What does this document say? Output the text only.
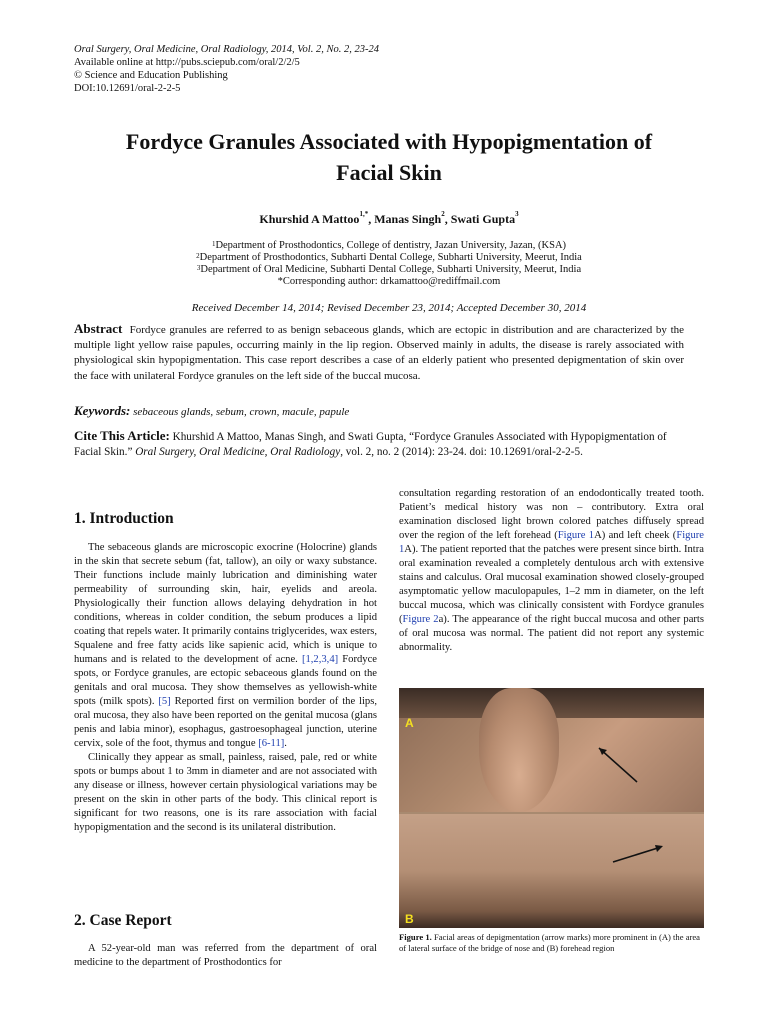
Oral Surgery, Oral Medicine, Oral Radiology, 2014, Vol. 2, No. 2, 23-24
Available online at http://pubs.sciepub.com/oral/2/2/5
© Science and Education Publishing
DOI:10.12691/oral-2-2-5
Fordyce Granules Associated with Hypopigmentation of
Facial Skin
Khurshid A Mattoo$^{1,*}$, Manas Singh$^2$, Swati Gupta$^3$
$^1$Department of Prosthodontics, College of dentistry, Jazan University, Jazan, (KSA)
$^2$Department of Prosthodontics, Subharti Dental College, Subharti University, Meerut, India
$^3$Department of Oral Medicine, Subharti Dental College, Subharti University, Meerut, India
*Corresponding author: drkamattoo@rediffmail.com
Received December 14, 2014; Revised December 23, 2014; Accepted December 30, 2014
Abstract Fordyce granules are referred to as benign sebaceous glands, which are ectopic in distribution and are characterized by the multiple light yellow raise papules, occurring mainly in the lip region. Observed mainly in adults, the disease is rarely associated with physiological skin hypopigmentation. This case report describes a case of an elderly patient who presented depigmentation of skin over the face with unilateral Fordyce granules on the left side of the buccal mucosa.
Keywords: sebaceous glands, sebum, crown, macule, papule
Cite This Article: Khurshid A Mattoo, Manas Singh, and Swati Gupta, “Fordyce Granules Associated with Hypopigmentation of Facial Skin.” Oral Surgery, Oral Medicine, Oral Radiology, vol. 2, no. 2 (2014): 23-24. doi: 10.12691/oral-2-2-5.
1. Introduction

The sebaceous glands are microscopic exocrine (Holocrine) glands in the skin that secrete sebum (fat, tallow), an oily or waxy substance. Their functions include mainly lubrication and diminishing water permeability of surrounding skin, hair, eyelids and areola. Physiologically their function allows delaying dehydration in hot conditions, whereas in colder condition, the sebum produces a lipid coating that repels water. It primarily contains triglycerides, wax esters, Squalene and free fatty acids like sapienic acid, which is unique to humans and is related to the development of acne. [1,2,3,4] Fordyce spots, or Fordyce granules, are ectopic sebaceous glands found on the genitals and oral mucosa. They show themselves as yellowish-white spots (milk spots). [5] Reported first on vermilion border of the lips, oral mucosa, they also have been reported on the genital mucosa (glans penis and labia minor), esophagus, gastroesophageal junction, uterine cervix, sole of the foot, thymus and tongue [6-11].

Clinically they appear as small, painless, raised, pale, red or white spots or bumps about 1 to 3mm in diameter and are not associated with any disease or illness, however certain physiological variations may be present on the skin in other parts of the body. This clinical report is significant for two reasons, one is its rare association with facial hypopigmentation and the second is its unilateral distribution.

2. Case Report

A 52-year-old man was referred from the department of oral medicine to the department of Prosthodontics for

consultation regarding restoration of an endodontically treated tooth. Patient’s medical history was non – contributory. Extra oral examination disclosed light brown colored patches diffusely spread over the region of the left forehead (Figure 1A) and left cheek (Figure 1A). The patient reported that the patches were present since birth. Intra oral examination revealed a completely dentulous arch with extensive stains and calculus. Oral mucosal examination showed closely-grouped asymptomatic yellow maculopapules, 1–2 mm in diameter, on the left buccal mucosa, which was clinically consistent with Fordyce granules (Figure 2a). The appearance of the right buccal mucosa and other parts of oral mucosa was normal. The patient did not report any systemic abnormality.

A
B
Figure 1. Facial areas of depigmentation (arrow marks) more prominent in (A) the area of lateral surface of the bridge of nose and (B) forehead region
